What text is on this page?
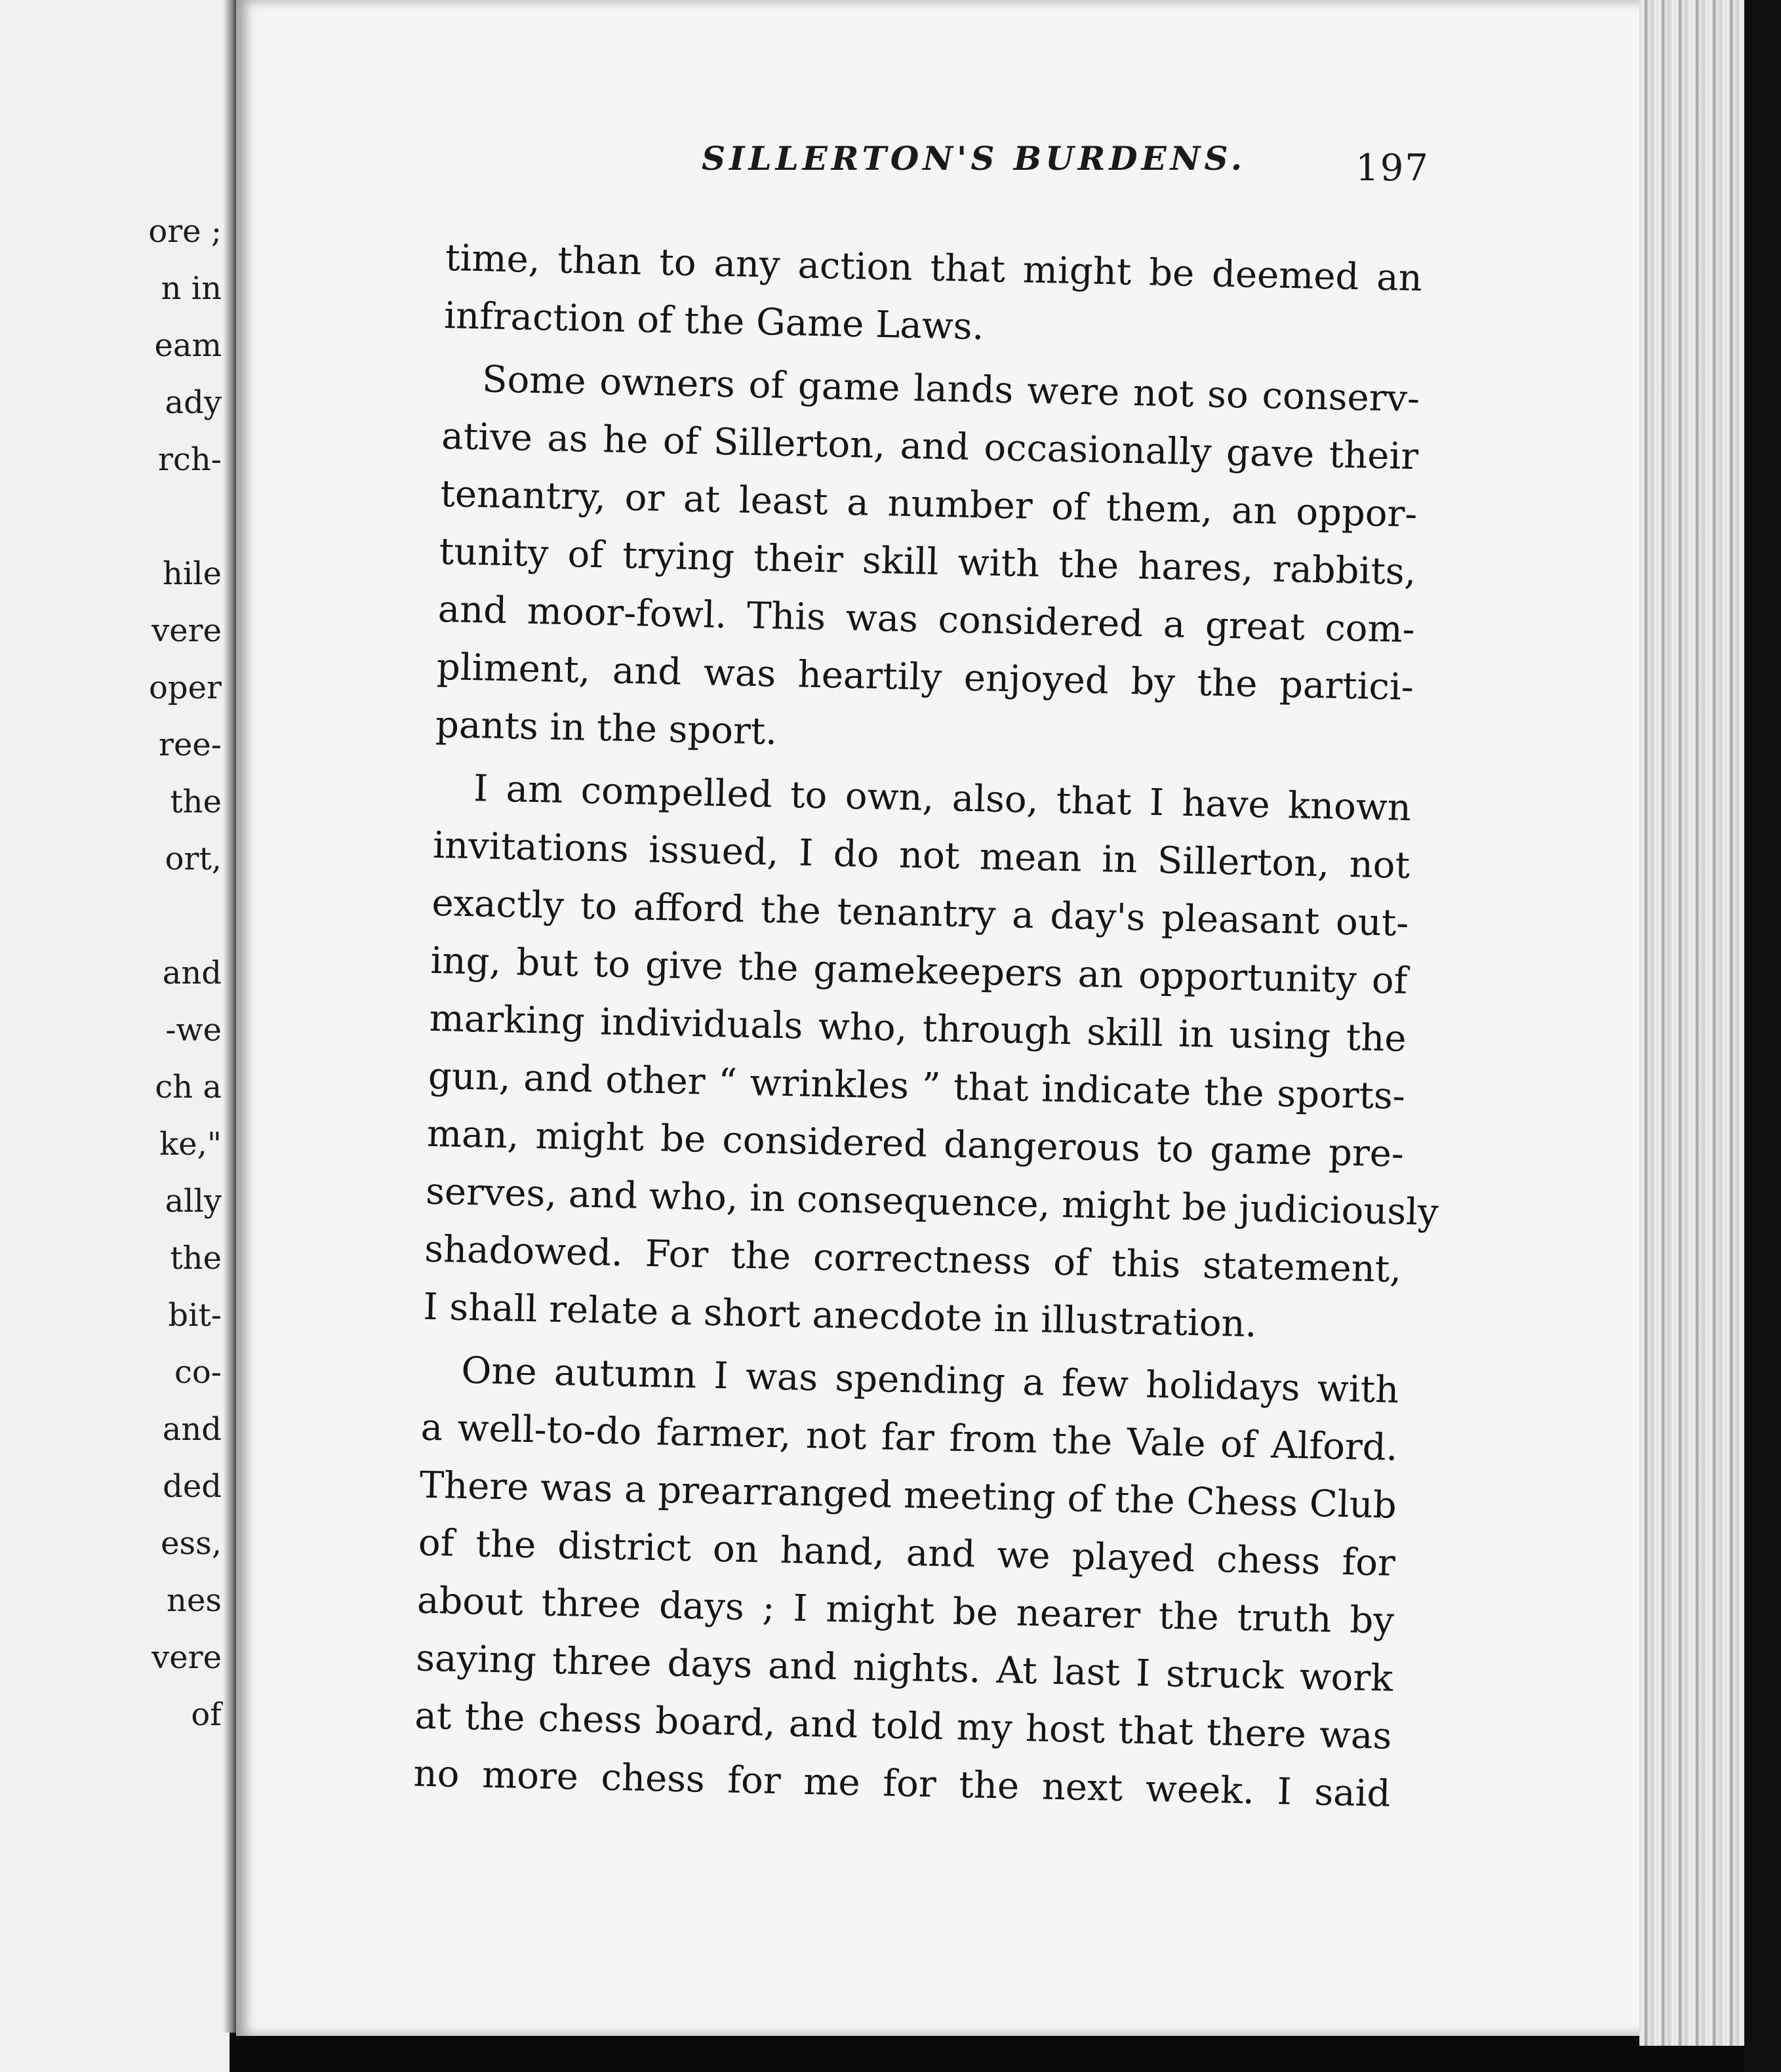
ore ;
n in
eam
ady
rch-
hile
vere
oper
ree-
the
ort,
and
-we
ch a
ke,"
ally
the
bit-
co-
and
ded
ess,
nes
vere
of
SILLERTON'S BURDENS.	197
time, than to any action that might be deemed an
infraction of the Game Laws.
Some owners of game lands were not so conserv-
ative as he of Sillerton, and occasionally gave their
tenantry, or at least a number of them, an oppor-
tunity of trying their skill with the hares, rabbits,
and moor-fowl. This was considered a great com-
pliment, and was heartily enjoyed by the partici-
pants in the sport.
I am compelled to own, also, that I have known
invitations issued, I do not mean in Sillerton, not
exactly to afford the tenantry a day's pleasant out-
ing, but to give the gamekeepers an opportunity of
marking individuals who, through skill in using the
gun, and other “ wrinkles ” that indicate the sports-
man, might be considered dangerous to game pre-
serves, and who, in consequence, might be judiciously
shadowed. For the correctness of this statement,
I shall relate a short anecdote in illustration.
One autumn I was spending a few holidays with
a well-to-do farmer, not far from the Vale of Alford.
There was a prearranged meeting of the Chess Club
of the district on hand, and we played chess for
about three days ; I might be nearer the truth by
saying three days and nights. At last I struck work
at the chess board, and told my host that there was
no more chess for me for the next week. I said
